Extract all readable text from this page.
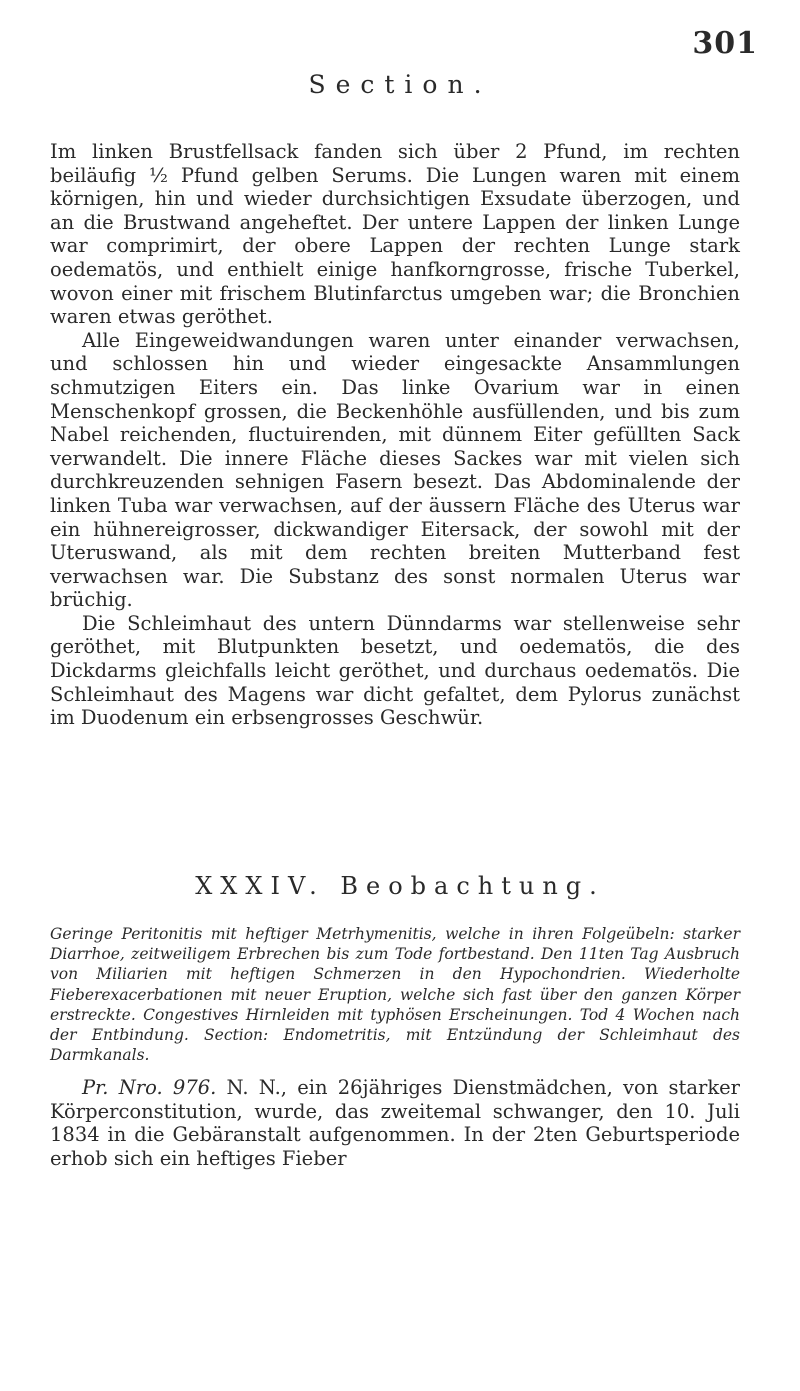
301
Section.

Im linken Brustfellsack fanden sich über 2 Pfund, im rechten beiläufig ½ Pfund gelben Serums. Die Lungen waren mit einem körnigen, hin und wieder durchsichtigen Exsudate überzogen, und an die Brustwand angeheftet. Der untere Lappen der linken Lunge war comprimirt, der obere Lappen der rechten Lunge stark oedematös, und enthielt einige hanfkorngrosse, frische Tuberkel, wovon einer mit frischem Blutinfarctus umgeben war; die Bronchien waren etwas geröthet.

Alle Eingeweidwandungen waren unter einander verwachsen, und schlossen hin und wieder eingesackte Ansammlungen schmutzigen Eiters ein. Das linke Ovarium war in einen Menschenkopf grossen, die Beckenhöhle ausfüllenden, und bis zum Nabel reichenden, fluctuirenden, mit dünnem Eiter gefüllten Sack verwandelt. Die innere Fläche dieses Sackes war mit vielen sich durchkreuzenden sehnigen Fasern besezt. Das Abdominalende der linken Tuba war verwachsen, auf der äussern Fläche des Uterus war ein hühnereigrosser, dickwandiger Eitersack, der sowohl mit der Uteruswand, als mit dem rechten breiten Mutterband fest verwachsen war. Die Substanz des sonst normalen Uterus war brüchig.

Die Schleimhaut des untern Dünndarms war stellenweise sehr geröthet, mit Blutpunkten besetzt, und oedematös, die des Dickdarms gleichfalls leicht geröthet, und durchaus oedematös. Die Schleimhaut des Magens war dicht gefaltet, dem Pylorus zunächst im Duodenum ein erbsengrosses Geschwür.

XXXIV. Beobachtung.
Geringe Peritonitis mit heftiger Metrhymenitis, welche in ihren Folgeübeln: starker Diarrhoe, zeitweiligem Erbrechen bis zum Tode fortbestand. Den 11ten Tag Ausbruch von Miliarien mit heftigen Schmerzen in den Hypochondrien. Wiederholte Fieberexacerbationen mit neuer Eruption, welche sich fast über den ganzen Körper erstreckte. Congestives Hirnleiden mit typhösen Erscheinungen. Tod 4 Wochen nach der Entbindung. Section: Endometritis, mit Entzündung der Schleimhaut des Darmkanals.

Pr. Nro. 976. N. N., ein 26jähriges Dienstmädchen, von starker Körperconstitution, wurde, das zweitemal schwanger, den 10. Juli 1834 in die Gebäranstalt aufgenommen. In der 2ten Geburtsperiode erhob sich ein heftiges Fieber
